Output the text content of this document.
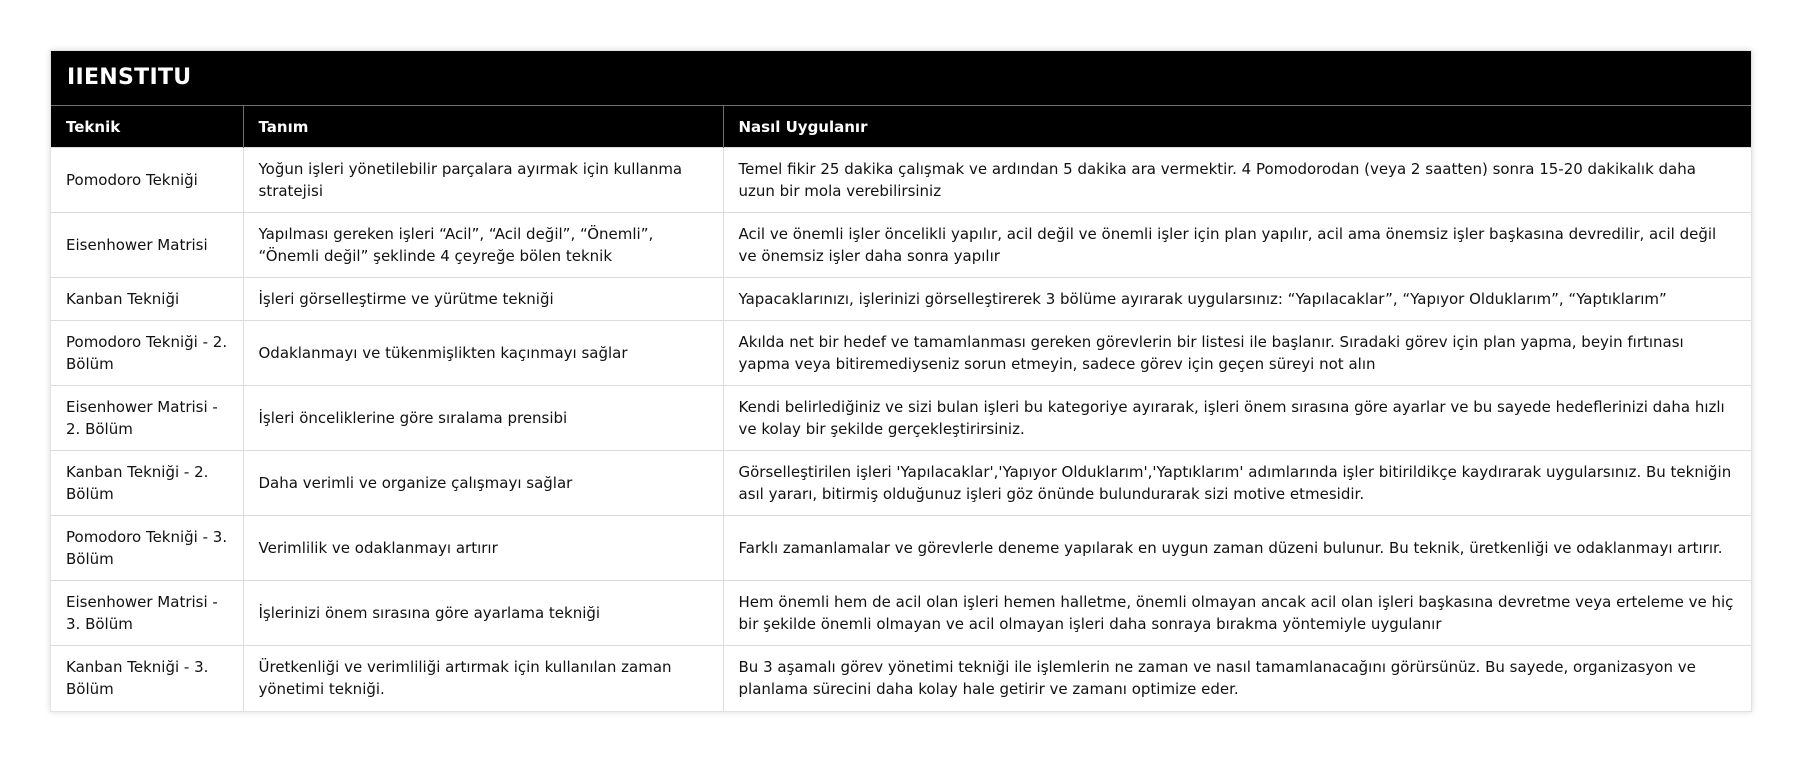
IIENSTITU
Teknik	Tanım	Nasıl Uygulanır
Pomodoro Tekniği	Yoğun işleri yönetilebilir parçalara ayırmak için kullanma stratejisi	Temel fikir 25 dakika çalışmak ve ardından 5 dakika ara vermektir. 4 Pomodorodan (veya 2 saatten) sonra 15-20 dakikalık daha uzun bir mola verebilirsiniz
Eisenhower Matrisi	Yapılması gereken işleri “Acil”, “Acil değil”, “Önemli”, “Önemli değil” şeklinde 4 çeyreğe bölen teknik	Acil ve önemli işler öncelikli yapılır, acil değil ve önemli işler için plan yapılır, acil ama önemsiz işler başkasına devredilir, acil değil ve önemsiz işler daha sonra yapılır
Kanban Tekniği	İşleri görselleştirme ve yürütme tekniği	Yapacaklarınızı, işlerinizi görselleştirerek 3 bölüme ayırarak uygularsınız: “Yapılacaklar”, “Yapıyor Olduklarım”, “Yaptıklarım”
Pomodoro Tekniği - 2. Bölüm	Odaklanmayı ve tükenmişlikten kaçınmayı sağlar	Akılda net bir hedef ve tamamlanması gereken görevlerin bir listesi ile başlanır. Sıradaki görev için plan yapma, beyin fırtınası yapma veya bitiremediyseniz sorun etmeyin, sadece görev için geçen süreyi not alın
Eisenhower Matrisi - 2. Bölüm	İşleri önceliklerine göre sıralama prensibi	Kendi belirlediğiniz ve sizi bulan işleri bu kategoriye ayırarak, işleri önem sırasına göre ayarlar ve bu sayede hedeflerinizi daha hızlı ve kolay bir şekilde gerçekleştirirsiniz.
Kanban Tekniği - 2. Bölüm	Daha verimli ve organize çalışmayı sağlar	Görselleştirilen işleri 'Yapılacaklar','Yapıyor Olduklarım','Yaptıklarım' adımlarında işler bitirildikçe kaydırarak uygularsınız. Bu tekniğin asıl yararı, bitirmiş olduğunuz işleri göz önünde bulundurarak sizi motive etmesidir.
Pomodoro Tekniği - 3. Bölüm	Verimlilik ve odaklanmayı artırır	Farklı zamanlamalar ve görevlerle deneme yapılarak en uygun zaman düzeni bulunur. Bu teknik, üretkenliği ve odaklanmayı artırır.
Eisenhower Matrisi - 3. Bölüm	İşlerinizi önem sırasına göre ayarlama tekniği	Hem önemli hem de acil olan işleri hemen halletme, önemli olmayan ancak acil olan işleri başkasına devretme veya erteleme ve hiç bir şekilde önemli olmayan ve acil olmayan işleri daha sonraya bırakma yöntemiyle uygulanır
Kanban Tekniği - 3. Bölüm	Üretkenliği ve verimliliği artırmak için kullanılan zaman yönetimi tekniği.	Bu 3 aşamalı görev yönetimi tekniği ile işlemlerin ne zaman ve nasıl tamamlanacağını görürsünüz. Bu sayede, organizasyon ve planlama sürecini daha kolay hale getirir ve zamanı optimize eder.
